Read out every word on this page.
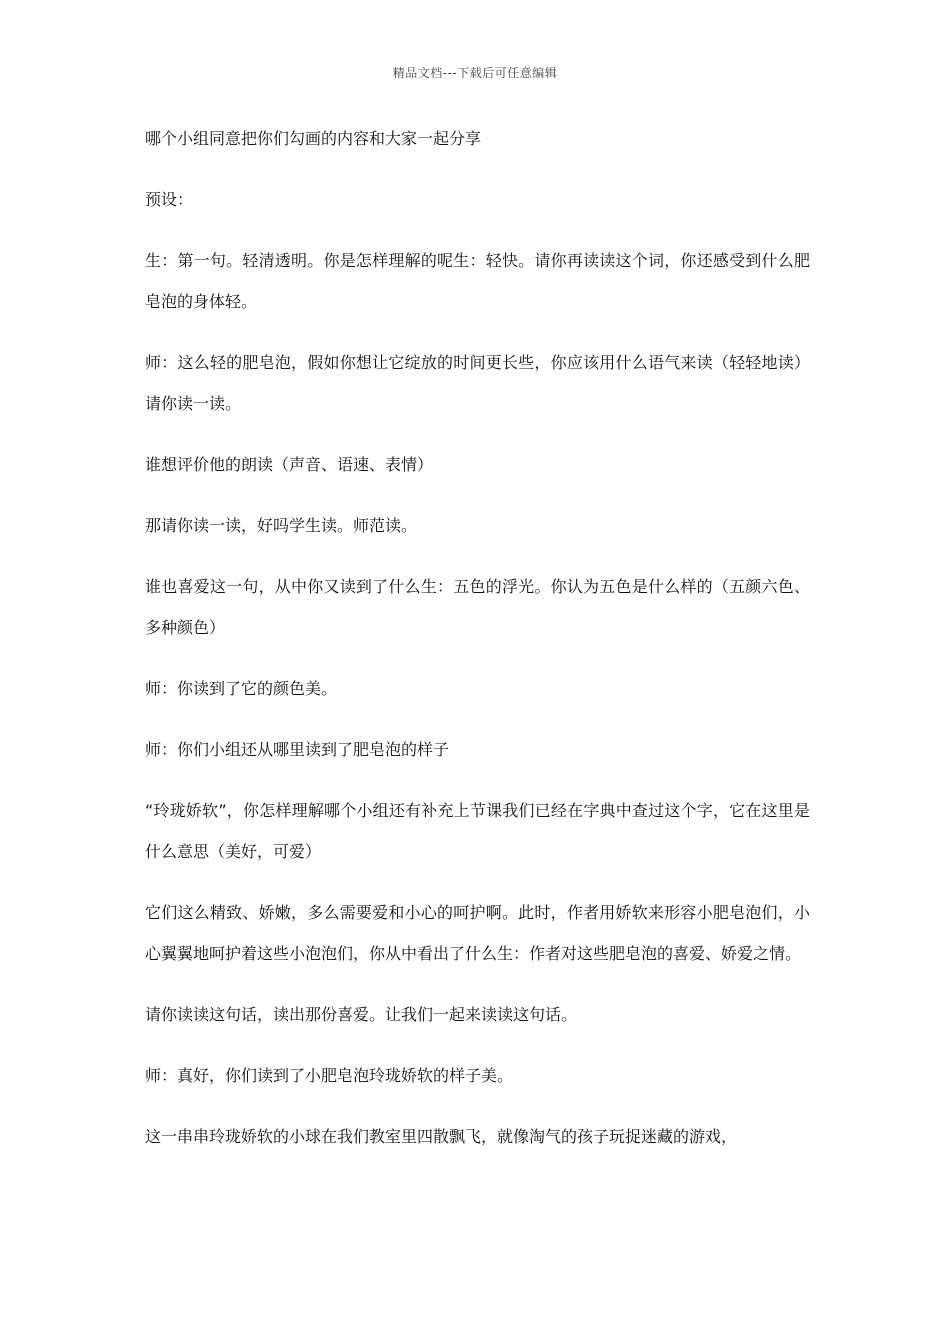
精品文档---下载后可任意编辑

哪个小组同意把你们勾画的内容和大家一起分享

预设：

生：第一句。轻清透明。你是怎样理解的呢生：轻快。请你再读读这个词，你还感受到什么肥皂泡的身体轻。

师：这么轻的肥皂泡，假如你想让它绽放的时间更长些，你应该用什么语气来读（轻轻地读）请你读一读。

谁想评价他的朗读（声音、语速、表情）

那请你读一读，好吗学生读。师范读。

谁也喜爱这一句，从中你又读到了什么生：五色的浮光。你认为五色是什么样的（五颜六色、多种颜色）

师：你读到了它的颜色美。

师：你们小组还从哪里读到了肥皂泡的样子

“玲珑娇软”，你怎样理解哪个小组还有补充上节课我们已经在字典中查过这个字，它在这里是什么意思（美好，可爱）

它们这么精致、娇嫩，多么需要爱和小心的呵护啊。此时，作者用娇软来形容小肥皂泡们，小心翼翼地呵护着这些小泡泡们，你从中看出了什么生：作者对这些肥皂泡的喜爱、娇爱之情。

请你读读这句话，读出那份喜爱。让我们一起来读读这句话。

师：真好，你们读到了小肥皂泡玲珑娇软的样子美。

这一串串玲珑娇软的小球在我们教室里四散飘飞，就像淘气的孩子玩捉迷藏的游戏，
